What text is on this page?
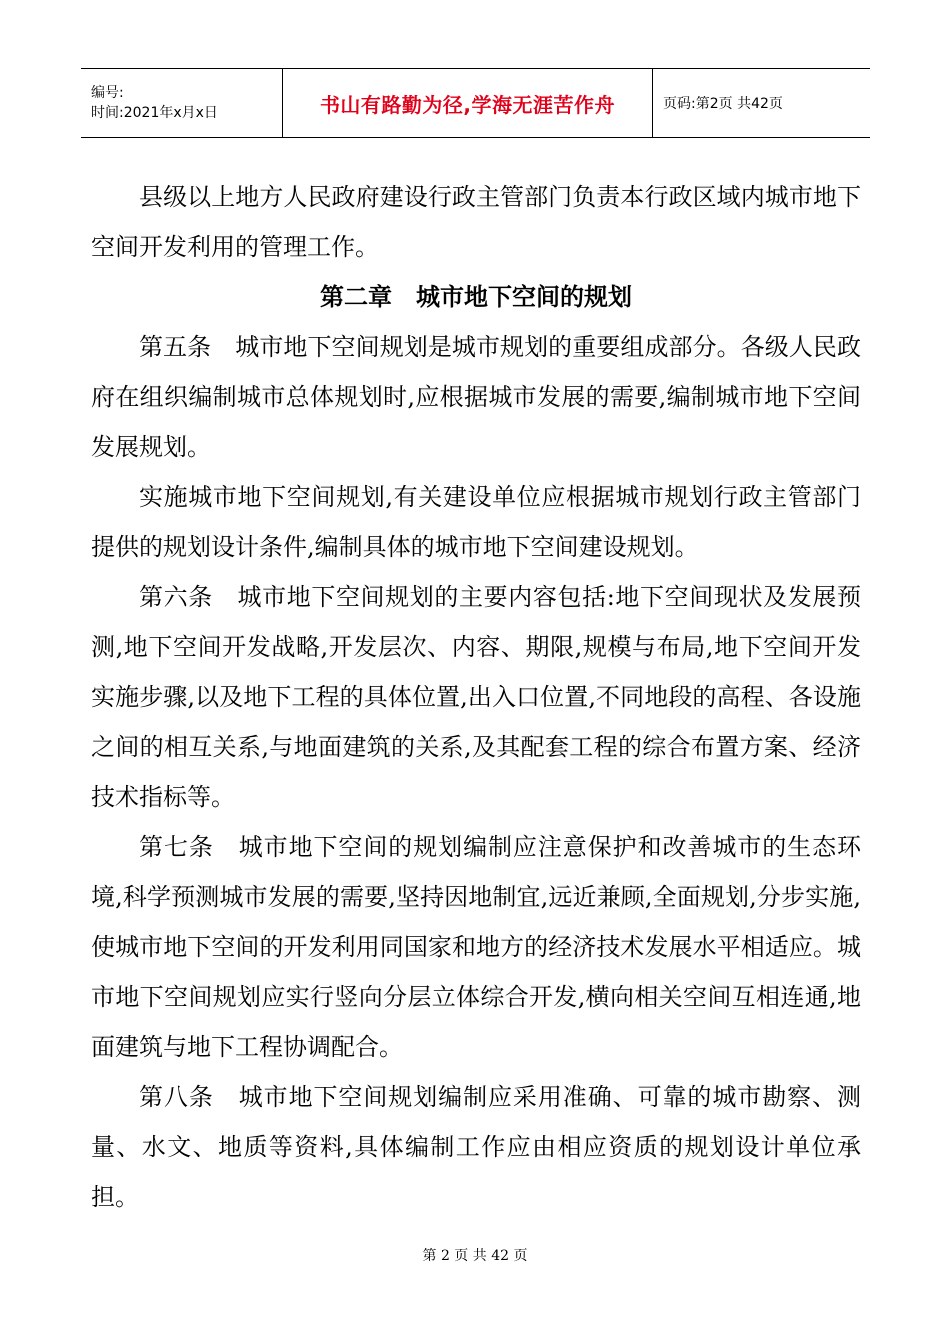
编号:
时间:2021年x月x日	书山有路勤为径,学海无涯苦作舟	页码:第2页 共42页

县级以上地方人民政府建设行政主管部门负责本行政区域内城市地下空间开发利用的管理工作。

第二章　城市地下空间的规划

第五条　城市地下空间规划是城市规划的重要组成部分。各级人民政府在组织编制城市总体规划时,应根据城市发展的需要,编制城市地下空间发展规划。

实施城市地下空间规划,有关建设单位应根据城市规划行政主管部门提供的规划设计条件,编制具体的城市地下空间建设规划。

第六条　城市地下空间规划的主要内容包括:地下空间现状及发展预测,地下空间开发战略,开发层次、内容、期限,规模与布局,地下空间开发实施步骤,以及地下工程的具体位置,出入口位置,不同地段的高程、各设施之间的相互关系,与地面建筑的关系,及其配套工程的综合布置方案、经济技术指标等。

第七条　城市地下空间的规划编制应注意保护和改善城市的生态环境,科学预测城市发展的需要,坚持因地制宜,远近兼顾,全面规划,分步实施,使城市地下空间的开发利用同国家和地方的经济技术发展水平相适应。城市地下空间规划应实行竖向分层立体综合开发,横向相关空间互相连通,地面建筑与地下工程协调配合。

第八条　城市地下空间规划编制应采用准确、可靠的城市勘察、测量、水文、地质等资料,具体编制工作应由相应资质的规划设计单位承担。

第 2 页 共 42 页
